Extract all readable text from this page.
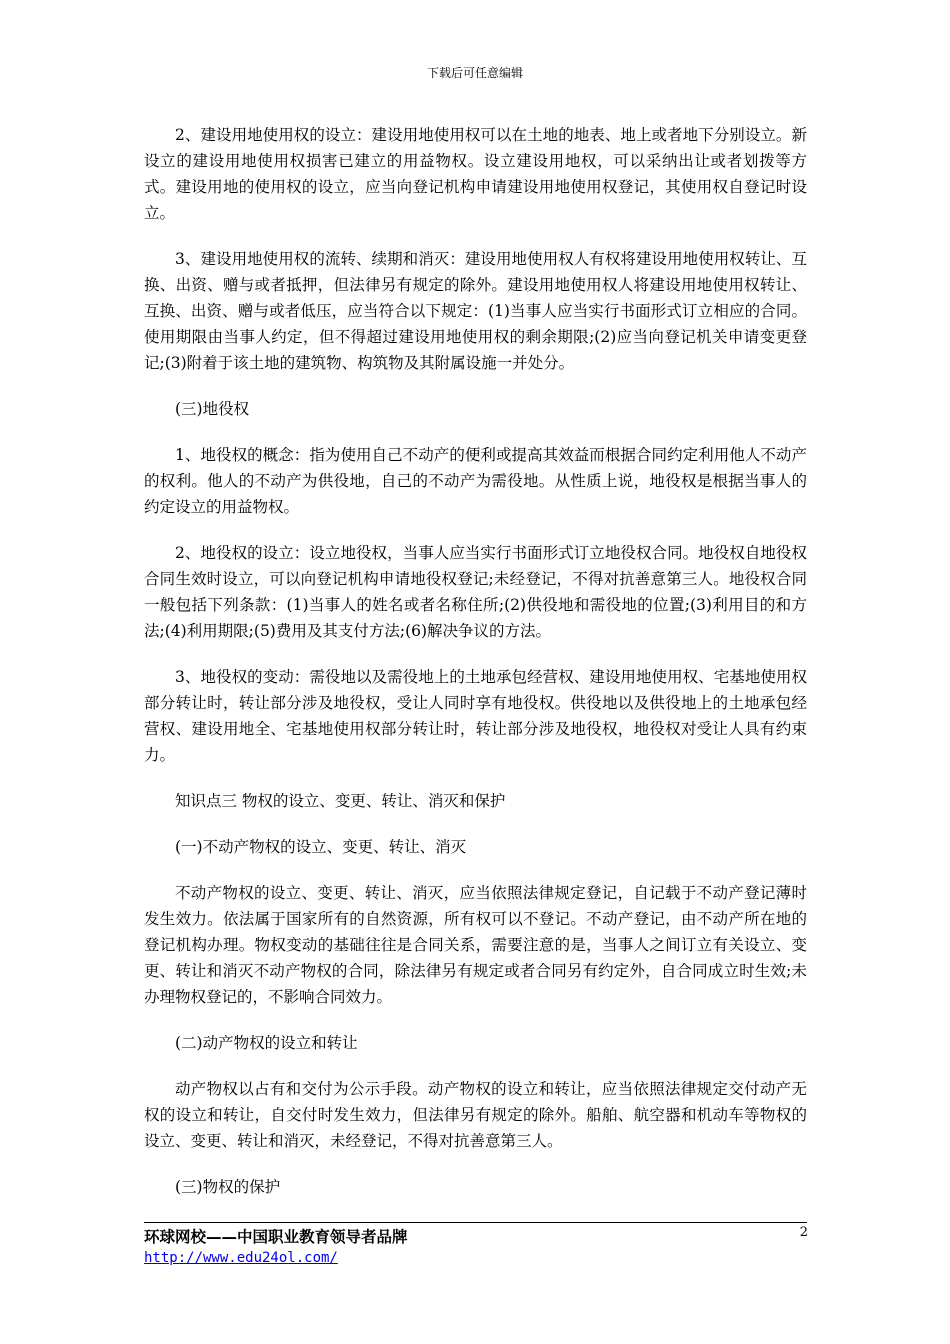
下载后可任意编辑

2、建设用地使用权的设立：建设用地使用权可以在土地的地表、地上或者地下分别设立。新设立的建设用地使用权损害已建立的用益物权。设立建设用地权，可以采纳出让或者划拨等方式。建设用地的使用权的设立，应当向登记机构申请建设用地使用权登记，其使用权自登记时设立。

3、建设用地使用权的流转、续期和消灭：建设用地使用权人有权将建设用地使用权转让、互换、出资、赠与或者抵押，但法律另有规定的除外。建设用地使用权人将建设用地使用权转让、互换、出资、赠与或者低压，应当符合以下规定：(1)当事人应当实行书面形式订立相应的合同。使用期限由当事人约定，但不得超过建设用地使用权的剩余期限;(2)应当向登记机关申请变更登记;(3)附着于该土地的建筑物、构筑物及其附属设施一并处分。

(三)地役权

1、地役权的概念：指为使用自己不动产的便利或提高其效益而根据合同约定利用他人不动产的权利。他人的不动产为供役地，自己的不动产为需役地。从性质上说，地役权是根据当事人的约定设立的用益物权。

2、地役权的设立：设立地役权，当事人应当实行书面形式订立地役权合同。地役权自地役权合同生效时设立，可以向登记机构申请地役权登记;未经登记，不得对抗善意第三人。地役权合同一般包括下列条款：(1)当事人的姓名或者名称住所;(2)供役地和需役地的位置;(3)利用目的和方法;(4)利用期限;(5)费用及其支付方法;(6)解决争议的方法。

3、地役权的变动：需役地以及需役地上的土地承包经营权、建设用地使用权、宅基地使用权部分转让时，转让部分涉及地役权，受让人同时享有地役权。供役地以及供役地上的土地承包经营权、建设用地全、宅基地使用权部分转让时，转让部分涉及地役权，地役权对受让人具有约束力。

知识点三 物权的设立、变更、转让、消灭和保护

(一)不动产物权的设立、变更、转让、消灭

不动产物权的设立、变更、转让、消灭，应当依照法律规定登记，自记载于不动产登记薄时发生效力。依法属于国家所有的自然资源，所有权可以不登记。不动产登记，由不动产所在地的登记机构办理。物权变动的基础往往是合同关系，需要注意的是，当事人之间订立有关设立、变更、转让和消灭不动产物权的合同，除法律另有规定或者合同另有约定外，自合同成立时生效;未办理物权登记的，不影响合同效力。

(二)动产物权的设立和转让

动产物权以占有和交付为公示手段。动产物权的设立和转让，应当依照法律规定交付动产无权的设立和转让，自交付时发生效力，但法律另有规定的除外。船舶、航空器和机动车等物权的设立、变更、转让和消灭，未经登记，不得对抗善意第三人。

(三)物权的保护

环球网校——中国职业教育领导者品牌
http://www.edu24ol.com/
2
